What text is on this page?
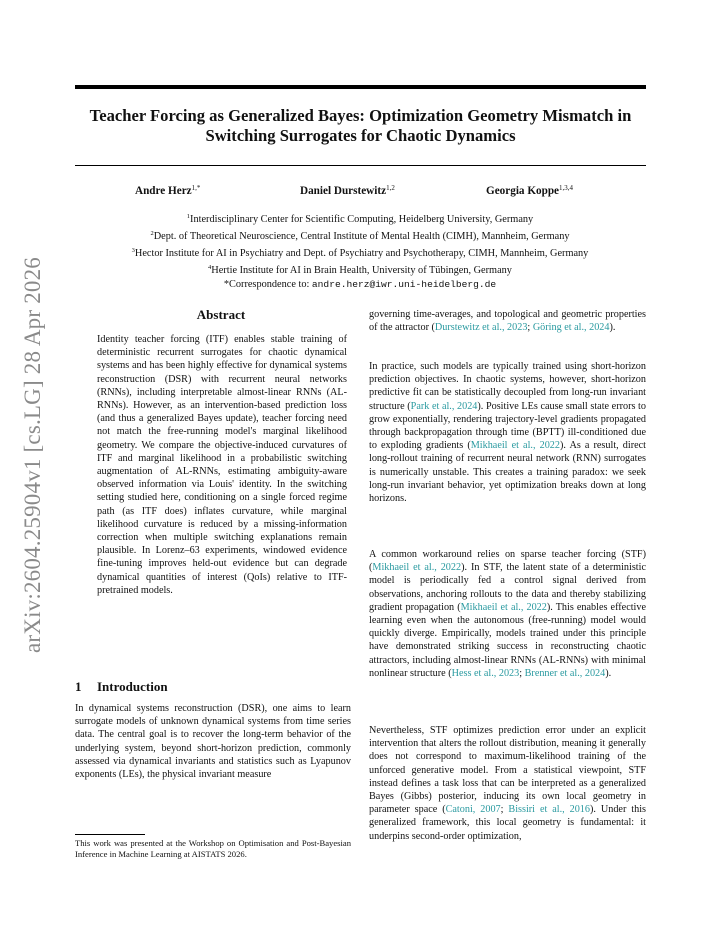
arXiv:2604.25904v1 [cs.LG] 28 Apr 2026
Teacher Forcing as Generalized Bayes: Optimization Geometry Mismatch in Switching Surrogates for Chaotic Dynamics
Andre Herz$^{1,*}$	Daniel Durstewitz$^{1,2}$	Georgia Koppe$^{1,3,4}$
$^1$Interdisciplinary Center for Scientific Computing, Heidelberg University, Germany
$^2$Dept. of Theoretical Neuroscience, Central Institute of Mental Health (CIMH), Mannheim, Germany
$^3$Hector Institute for AI in Psychiatry and Dept. of Psychiatry and Psychotherapy, CIMH, Mannheim, Germany
$^4$Hertie Institute for AI in Brain Health, University of Tübingen, Germany
*Correspondence to: andre.herz@iwr.uni-heidelberg.de
Abstract
Identity teacher forcing (ITF) enables stable training of deterministic recurrent surrogates for chaotic dynamical systems and has been highly effective for dynamical systems reconstruction (DSR) with recurrent neural networks (RNNs), including interpretable almost-linear RNNs (AL-RNNs). However, as an intervention-based prediction loss (and thus a generalized Bayes update), teacher forcing need not match the free-running model's marginal likelihood geometry. We compare the objective-induced curvatures of ITF and marginal likelihood in a probabilistic switching augmentation of AL-RNNs, estimating ambiguity-aware observed information via Louis' identity. In the switching setting studied here, conditioning on a single forced regime path (as ITF does) inflates curvature, while marginal likelihood curvature is reduced by a missing-information correction when multiple switching explanations remain plausible. In Lorenz–63 experiments, windowed evidence fine-tuning improves held-out evidence but can degrade dynamical quantities of interest (QoIs) relative to ITF-pretrained models.
1 Introduction
In dynamical systems reconstruction (DSR), one aims to learn surrogate models of unknown dynamical systems from time series data. The central goal is to recover the long-term behavior of the underlying system, beyond short-horizon prediction, commonly assessed via dynamical invariants and statistics such as Lyapunov exponents (LEs), the physical invariant measure
This work was presented at the Workshop on Optimisation and Post-Bayesian Inference in Machine Learning at AISTATS 2026.

governing time-averages, and topological and geometric properties of the attractor (Durstewitz et al., 2023; Göring et al., 2024).

In practice, such models are typically trained using short-horizon prediction objectives. In chaotic systems, however, short-horizon predictive fit can be statistically decoupled from long-run invariant structure (Park et al., 2024). Positive LEs cause small state errors to grow exponentially, rendering trajectory-level gradients propagated through backpropagation through time (BPTT) ill-conditioned due to exploding gradients (Mikhaeil et al., 2022). As a result, direct long-rollout training of recurrent neural network (RNN) surrogates is numerically unstable. This creates a training paradox: we seek long-run invariant behavior, yet optimization breaks down at long horizons.

A common workaround relies on sparse teacher forcing (STF) (Mikhaeil et al., 2022). In STF, the latent state of a deterministic model is periodically fed a control signal derived from observations, anchoring rollouts to the data and thereby stabilizing gradient propagation (Mikhaeil et al., 2022). This enables effective learning even when the autonomous (free-running) model would quickly diverge. Empirically, models trained under this principle have demonstrated striking success in reconstructing chaotic attractors, including almost-linear RNNs (AL-RNNs) with minimal nonlinear structure (Hess et al., 2023; Brenner et al., 2024).

Nevertheless, STF optimizes prediction error under an explicit intervention that alters the rollout distribution, meaning it generally does not correspond to maximum-likelihood training of the unforced generative model. From a statistical viewpoint, STF instead defines a task loss that can be interpreted as a generalized Bayes (Gibbs) posterior, inducing its own local geometry in parameter space (Catoni, 2007; Bissiri et al., 2016). Under this generalized framework, this local geometry is fundamental: it underpins second-order optimization,
